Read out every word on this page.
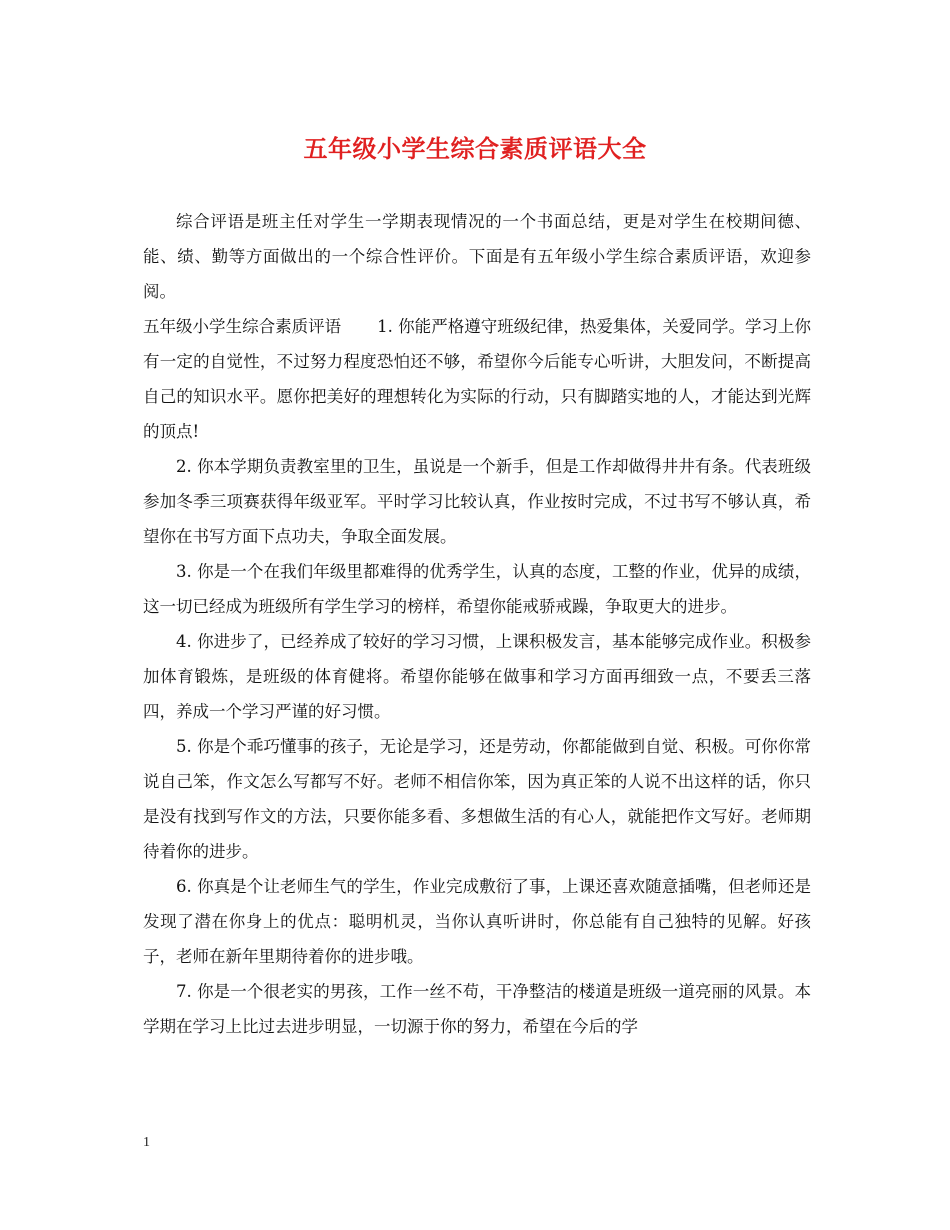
五年级小学生综合素质评语大全

综合评语是班主任对学生一学期表现情况的一个书面总结，更是对学生在校期间德、能、绩、勤等方面做出的一个综合性评价。下面是有五年级小学生综合素质评语，欢迎参阅。

五年级小学生综合素质评语 1. 你能严格遵守班级纪律，热爱集体，关爱同学。学习上你有一定的自觉性，不过努力程度恐怕还不够，希望你今后能专心听讲，大胆发问，不断提高自己的知识水平。愿你把美好的理想转化为实际的行动，只有脚踏实地的人，才能达到光辉的顶点!

2. 你本学期负责教室里的卫生，虽说是一个新手，但是工作却做得井井有条。代表班级参加冬季三项赛获得年级亚军。平时学习比较认真，作业按时完成，不过书写不够认真，希望你在书写方面下点功夫，争取全面发展。

3. 你是一个在我们年级里都难得的优秀学生，认真的态度，工整的作业，优异的成绩，这一切已经成为班级所有学生学习的榜样，希望你能戒骄戒躁，争取更大的进步。

4. 你进步了，已经养成了较好的学习习惯，上课积极发言，基本能够完成作业。积极参加体育锻炼，是班级的体育健将。希望你能够在做事和学习方面再细致一点，不要丢三落四，养成一个学习严谨的好习惯。

5. 你是个乖巧懂事的孩子，无论是学习，还是劳动，你都能做到自觉、积极。可你你常说自己笨，作文怎么写都写不好。老师不相信你笨，因为真正笨的人说不出这样的话，你只是没有找到写作文的方法，只要你能多看、多想做生活的有心人，就能把作文写好。老师期待着你的进步。

6. 你真是个让老师生气的学生，作业完成敷衍了事，上课还喜欢随意插嘴，但老师还是发现了潜在你身上的优点：聪明机灵，当你认真听讲时，你总能有自己独特的见解。好孩子，老师在新年里期待着你的进步哦。

7. 你是一个很老实的男孩，工作一丝不苟，干净整洁的楼道是班级一道亮丽的风景。本学期在学习上比过去进步明显，一切源于你的努力，希望在今后的学

1
